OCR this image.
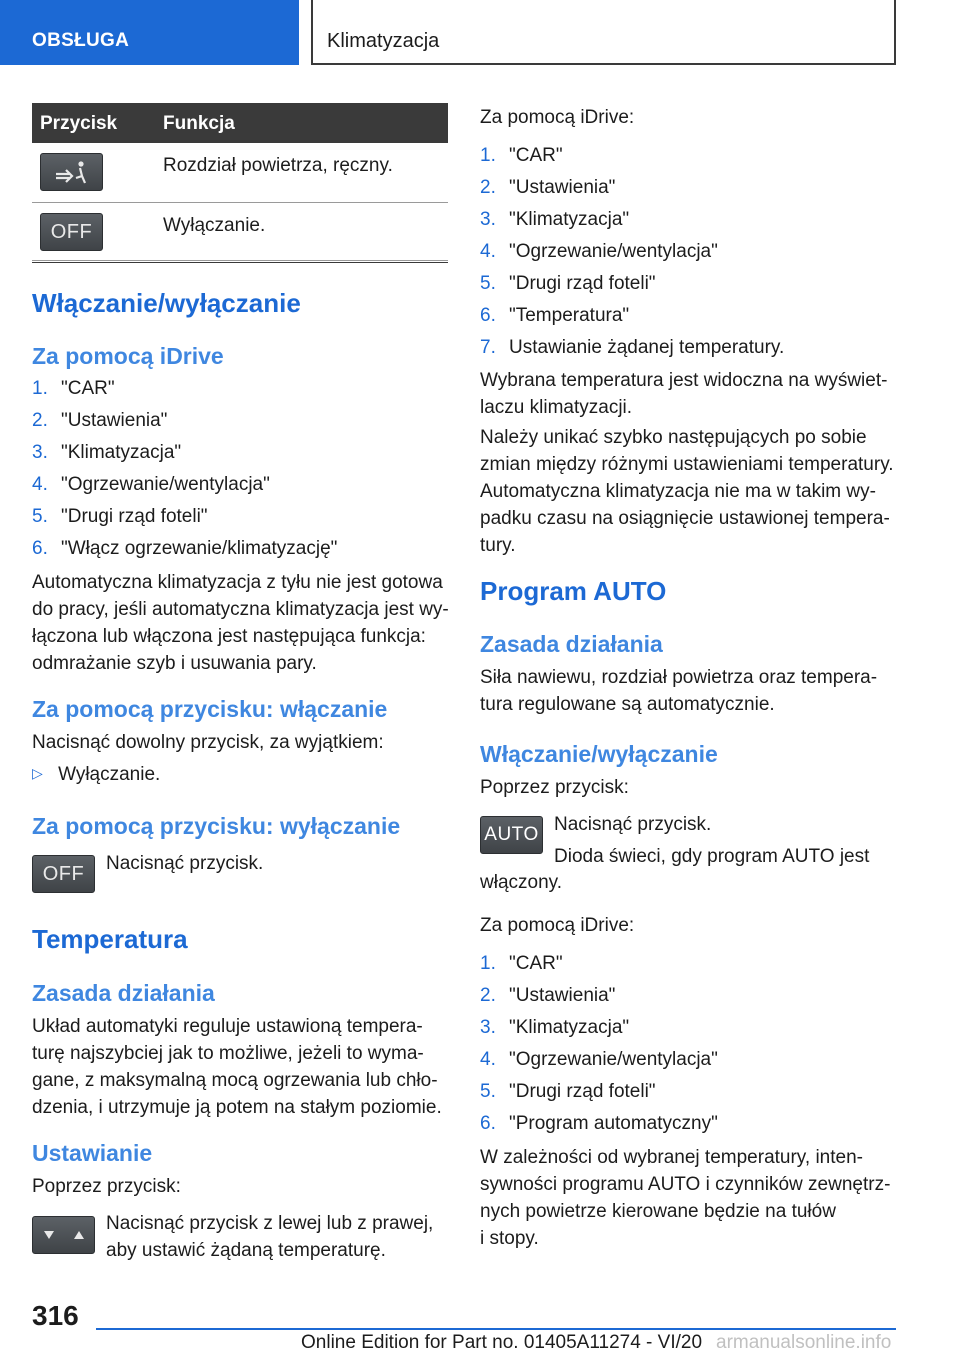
OBSŁUGA	Klimatyzacja
Przycisk Funkcja
Rozdział powietrza, ręczny.
OFF	Wyłączanie.
Włączanie/wyłączanie
Za pomocą iDrive
1. "CAR"
2. "Ustawienia"
3. "Klimatyzacja"
4. "Ogrzewanie/wentylacja"
5. "Drugi rząd foteli"
6. "Włącz ogrzewanie/klimatyzację"
Automatyczna klimatyzacja z tyłu nie jest gotowa
do pracy, jeśli automatyczna klimatyzacja jest wy-
łączona lub włączona jest następująca funkcja:
odmrażanie szyb i usuwania pary.
Za pomocą przycisku: włączanie
Nacisnąć dowolny przycisk, za wyjątkiem:
▷ Wyłączanie.
Za pomocą przycisku: wyłączanie
OFF	Nacisnąć przycisk.
Temperatura
Zasada działania
Układ automatyki reguluje ustawioną tempera-
turę najszybciej jak to możliwe, jeżeli to wyma-
gane, z maksymalną mocą ogrzewania lub chło-
dzenia, i utrzymuje ją potem na stałym poziomie.
Ustawianie
Poprzez przycisk:
Nacisnąć przycisk z lewej lub z prawej,
aby ustawić żądaną temperaturę.
Za pomocą iDrive:
1. "CAR"
2. "Ustawienia"
3. "Klimatyzacja"
4. "Ogrzewanie/wentylacja"
5. "Drugi rząd foteli"
6. "Temperatura"
7. Ustawianie żądanej temperatury.
Wybrana temperatura jest widoczna na wyświet-
laczu klimatyzacji.
Należy unikać szybko następujących po sobie
zmian między różnymi ustawieniami temperatury.
Automatyczna klimatyzacja nie ma w takim wy-
padku czasu na osiągnięcie ustawionej tempera-
tury.
Program AUTO
Zasada działania
Siła nawiewu, rozdział powietrza oraz tempera-
tura regulowane są automatycznie.
Włączanie/wyłączanie
Poprzez przycisk:
AUTO Nacisnąć przycisk.
Dioda świeci, gdy program AUTO jest
włączony.
Za pomocą iDrive:
1. "CAR"
2. "Ustawienia"
3. "Klimatyzacja"
4. "Ogrzewanie/wentylacja"
5. "Drugi rząd foteli"
6. "Program automatyczny"
W zależności od wybranej temperatury, inten-
sywności programu AUTO i czynników zewnętrz-
nych powietrze kierowane będzie na tułów
i stopy.
316
Online Edition for Part no. 01405A11274 - VI/20 armanualsonline.info
